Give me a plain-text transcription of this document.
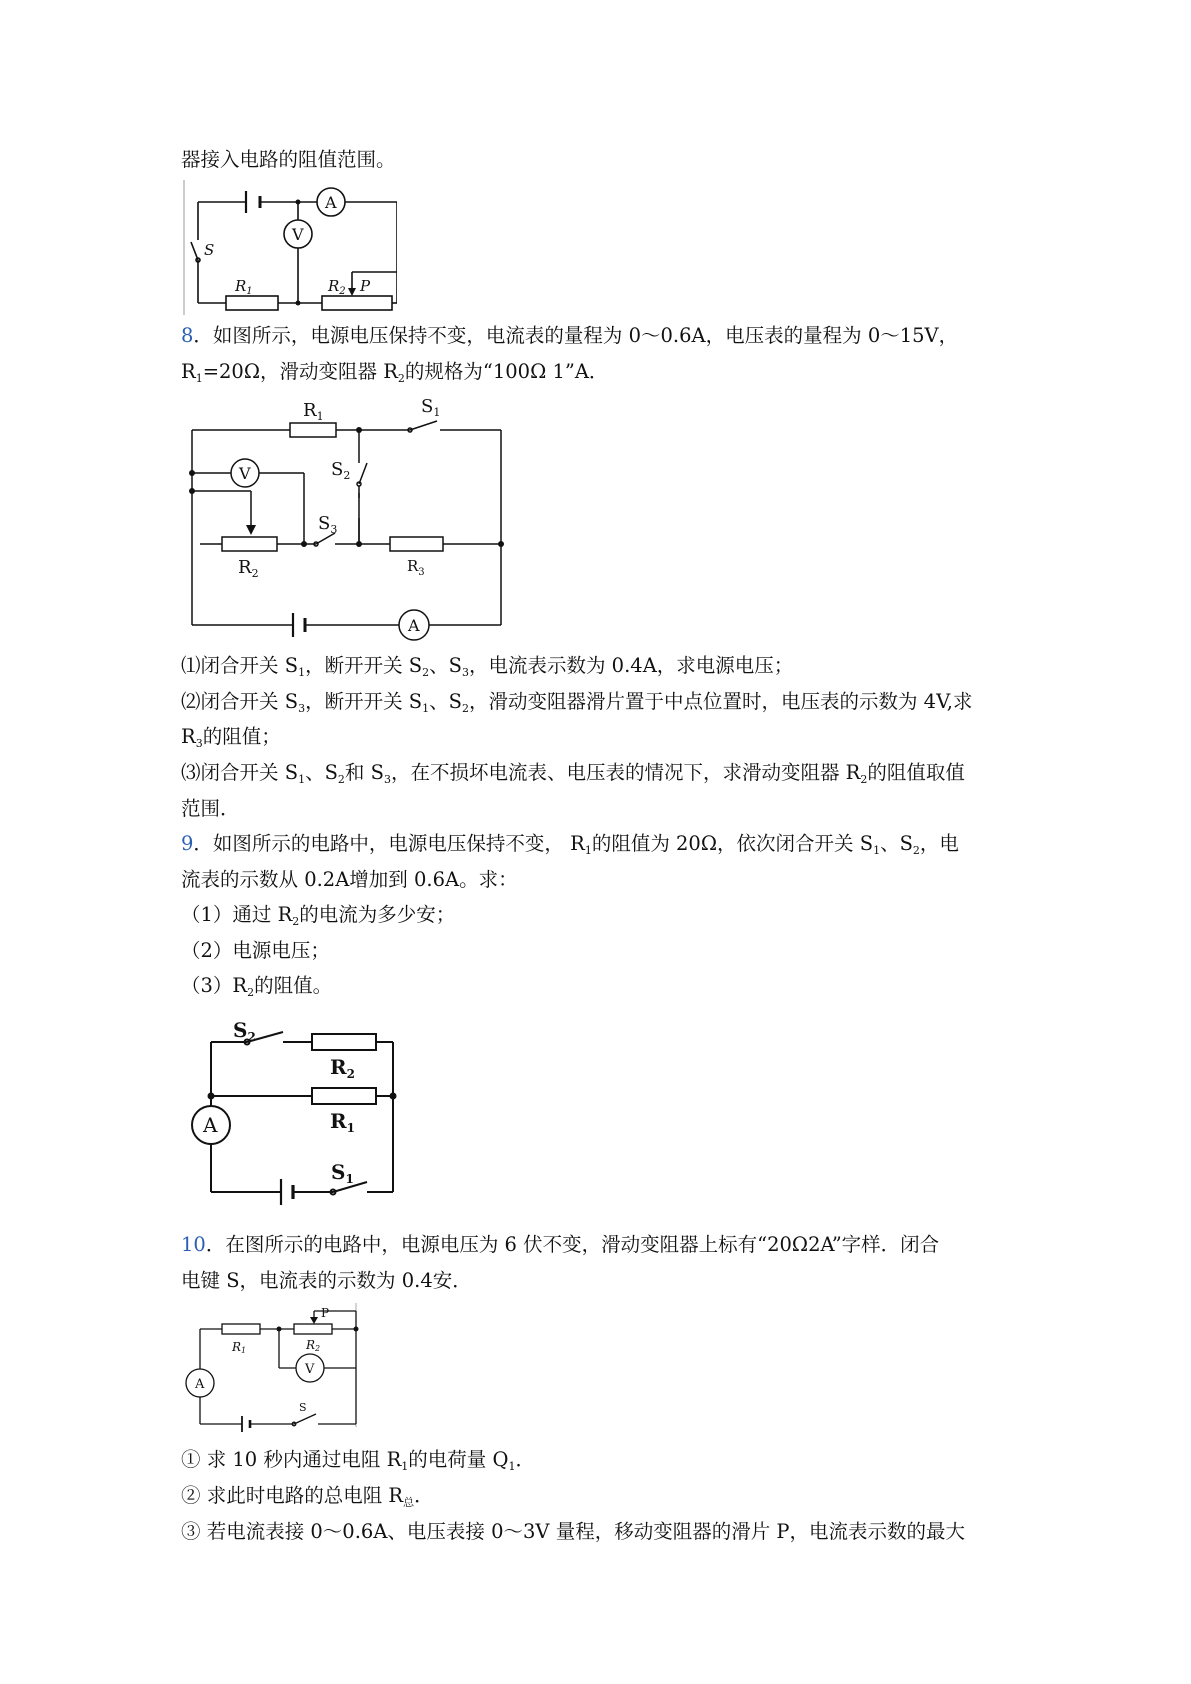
器接入电路的阻值范围。
A
V
S
$R_1$	$R_2$ P
8．如图所示，电源电压保持不变，电流表的量程为 0～0.6A，电压表的量程为 0～15V，
$R_1=20\Omega$，滑动变阻器 $R_2$的规格为“100Ω 1”A．
$R_1$	$S_1$
$S_2$
$S_3$
$R_2$	$R_3$
V
A
⑴闭合开关 $S_1$，断开开关 $S_2$、$S_3$，电流表示数为 0.4A，求电源电压；
⑵闭合开关 $S_3$，断开开关 $S_1$、$S_2$，滑动变阻器滑片置于中点位置时，电压表的示数为 4V,求
$R_3$的阻值；
⑶闭合开关 $S_1$、$S_2$和 $S_3$，在不损坏电流表、电压表的情况下，求滑动变阻器 $R_2$的阻值取值
范围．
9．如图所示的电路中，电源电压保持不变， $R_1$的阻值为 20Ω，依次闭合开关 $S_1$、$S_2$，电
流表的示数从 0.2A增加到 0.6A。求：
（1）通过 $R_2$的电流为多少安；
（2）电源电压；
$(3)R_2$的阻值。
$S_2$
$R_2$
$R_1$
A
$S_1$
10．在图所示的电路中，电源电压为 6 伏不变，滑动变阻器上标有“20Ω2A”字样．闭合
电键 S，电流表的示数为 0.4安．
R1	R2
P
A
V
S
① 求 10 秒内通过电阻 $R_1$的电荷量 $Q_1$．
② 求此时电路的总电阻 $R_总$．
③ 若电流表接 0～0.6A、电压表接 0～3V 量程，移动变阻器的滑片 P，电流表示数的最大
